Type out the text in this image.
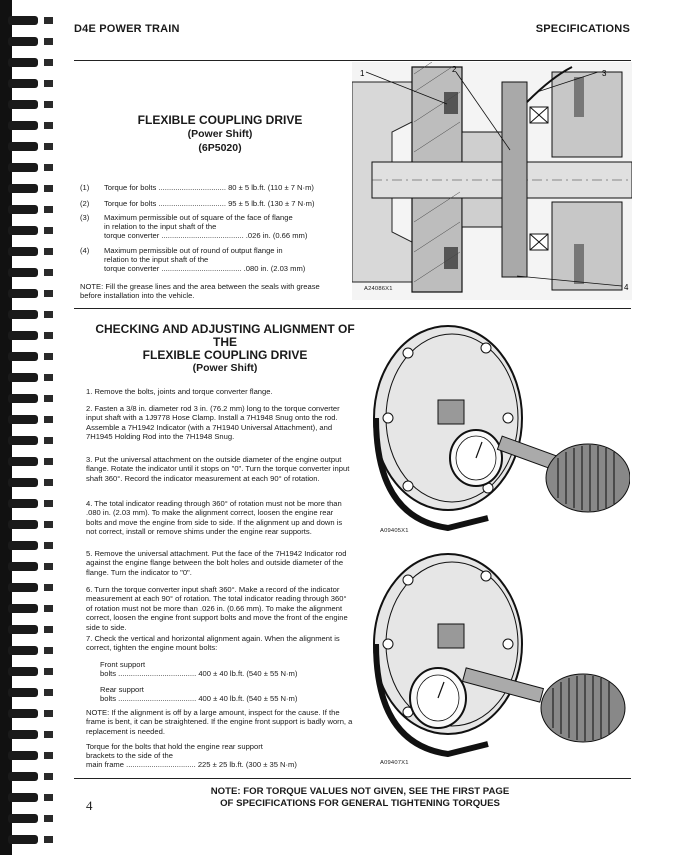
D4E POWER TRAIN	SPECIFICATIONS
FLEXIBLE COUPLING DRIVE
(Power Shift)
(6P5020)
(1) Torque for bolts ................................ 80 ± 5 lb.ft. (110 ± 7 N·m)
(2) Torque for bolts ................................ 95 ± 5 lb.ft. (130 ± 7 N·m)
(3) Maximum permissible out of square of the face of flange
in relation to the input shaft of the
torque converter ....................................... .026 in. (0.66 mm)
(4) Maximum permissible out of round of output flange in
relation to the input shaft of the
torque converter ...................................... .080 in. (2.03 mm)
NOTE: Fill the grease lines and the area between the seals with grease
before installation into the vehicle.
1	2	3
4
A24086X1
CHECKING AND ADJUSTING ALIGNMENT OF
THE
FLEXIBLE COUPLING DRIVE
(Power Shift)
1. Remove the bolts, joints and torque converter flange.
2. Fasten a 3/8 in. diameter rod 3 in. (76.2 mm) long to the torque converter input shaft with a 1J9778 Hose Clamp. Install a 7H1948 Snug onto the rod. Assemble a 7H1942 Indicator (with a 7H1940 Universal Attachment), and 7H1945 Holding Rod into the 7H1948 Snug.
3. Put the universal attachment on the outside diameter of the engine output flange. Rotate the indicator until it stops on "0". Turn the torque converter input shaft 360°. Record the indicator measurement at each 90° of rotation.
4. The total indicator reading through 360° of rotation must not be more than .080 in. (2.03 mm). To make the alignment correct, loosen the engine rear bolts and move the engine from side to side. If the alignment up and down is not correct, install or remove shims under the engine rear supports.
5. Remove the universal attachment. Put the face of the 7H1942 Indicator rod against the engine flange between the bolt holes and outside diameter of the flange. Turn the indicator to "0".
6. Turn the torque converter input shaft 360°. Make a record of the indicator measurement at each 90° of rotation. The total indicator reading through 360° of rotation must not be more than .026 in. (0.66 mm). To make the alignment correct, loosen the engine front support bolts and move the front of the engine side to side.
7. Check the vertical and horizontal alignment again. When the alignment is correct, tighten the engine mount bolts:
Front support
bolts ..................................... 400 ± 40 lb.ft. (540 ± 55 N·m)
Rear support
bolts ..................................... 400 ± 40 lb.ft. (540 ± 55 N·m)
NOTE: If the alignment is off by a large amount, inspect for the cause. If the frame is bent, it can be straightened. If the engine front support is badly worn, a replacement is needed.
Torque for the bolts that hold the engine rear support
brackets to the side of the
main frame ................................. 225 ± 25 lb.ft. (300 ± 35 N·m)
A09405X1
A09407X1
4
NOTE: FOR TORQUE VALUES NOT GIVEN, SEE THE FIRST PAGE
OF SPECIFICATIONS FOR GENERAL TIGHTENING TORQUES
